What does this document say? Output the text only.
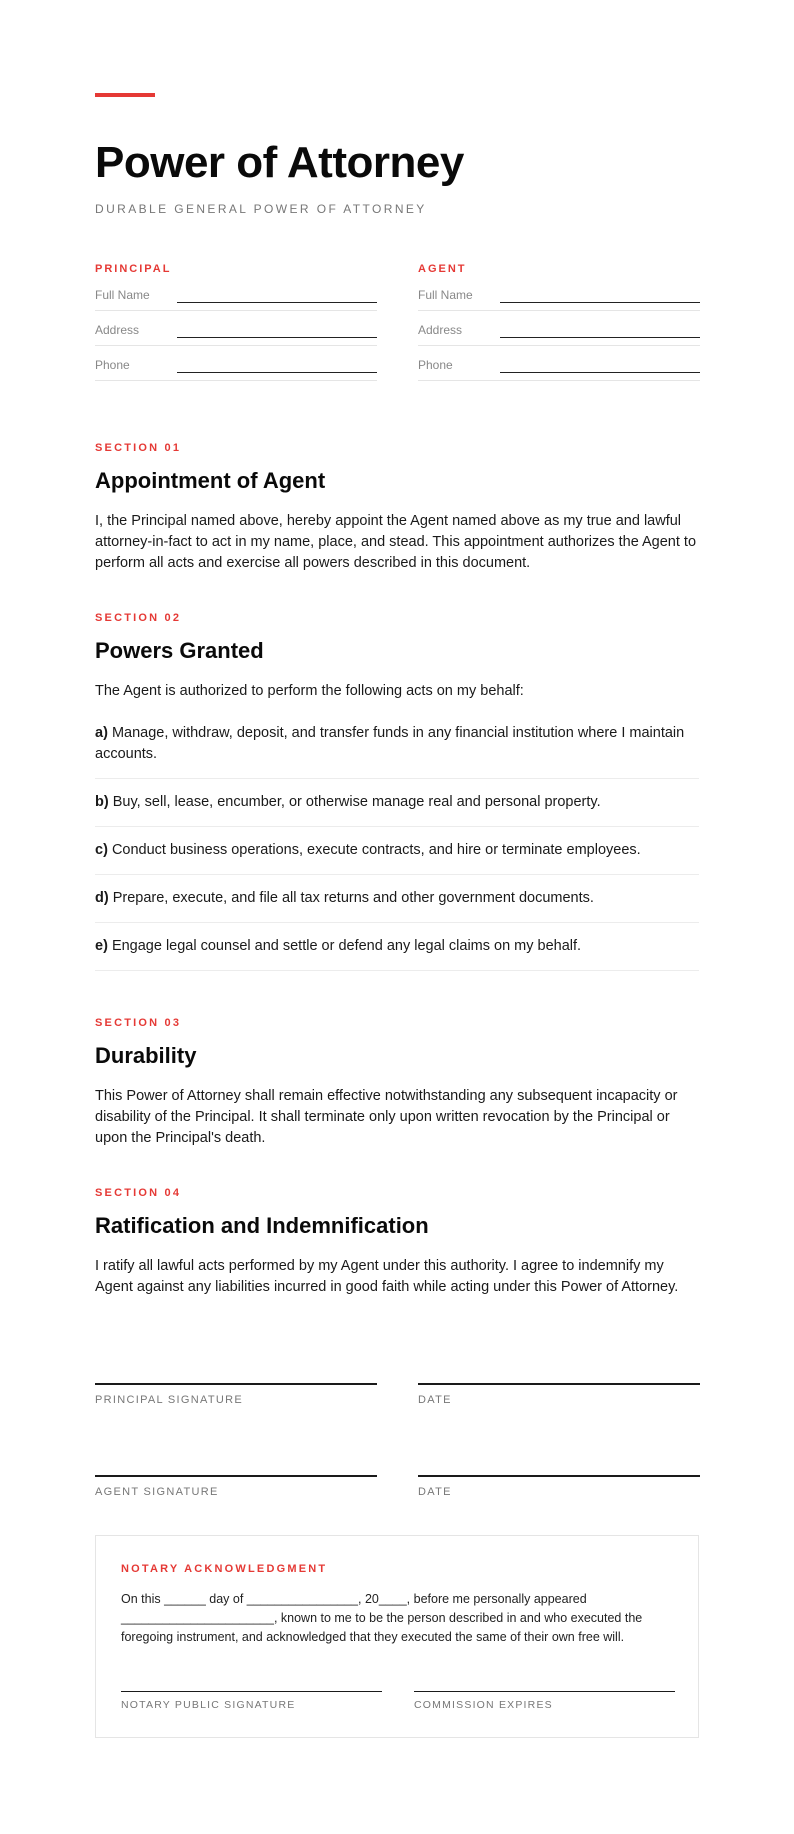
Power of Attorney
DURABLE GENERAL POWER OF ATTORNEY
PRINCIPAL
Full Name
Address
Phone
AGENT
Full Name
Address
Phone
SECTION 01
Appointment of Agent

I, the Principal named above, hereby appoint the Agent named above as my true and lawful attorney-in-fact to act in my name, place, and stead. This appointment authorizes the Agent to perform all acts and exercise all powers described in this document.

SECTION 02
Powers Granted

The Agent is authorized to perform the following acts on my behalf:

a) Manage, withdraw, deposit, and transfer funds in any financial institution where I maintain accounts.
b) Buy, sell, lease, encumber, or otherwise manage real and personal property.
c) Conduct business operations, execute contracts, and hire or terminate employees.
d) Prepare, execute, and file all tax returns and other government documents.
e) Engage legal counsel and settle or defend any legal claims on my behalf.
SECTION 03
Durability

This Power of Attorney shall remain effective notwithstanding any subsequent incapacity or disability of the Principal. It shall terminate only upon written revocation by the Principal or upon the Principal's death.

SECTION 04
Ratification and Indemnification

I ratify all lawful acts performed by my Agent under this authority. I agree to indemnify my Agent against any liabilities incurred in good faith while acting under this Power of Attorney.

PRINCIPAL SIGNATURE	DATE
AGENT SIGNATURE	DATE
NOTARY ACKNOWLEDGMENT

On this ______ day of ________________, 20____, before me personally appeared ______________________, known to me to be the person described in and who executed the foregoing instrument, and acknowledged that they executed the same of their own free will.

NOTARY PUBLIC SIGNATURE	COMMISSION EXPIRES
